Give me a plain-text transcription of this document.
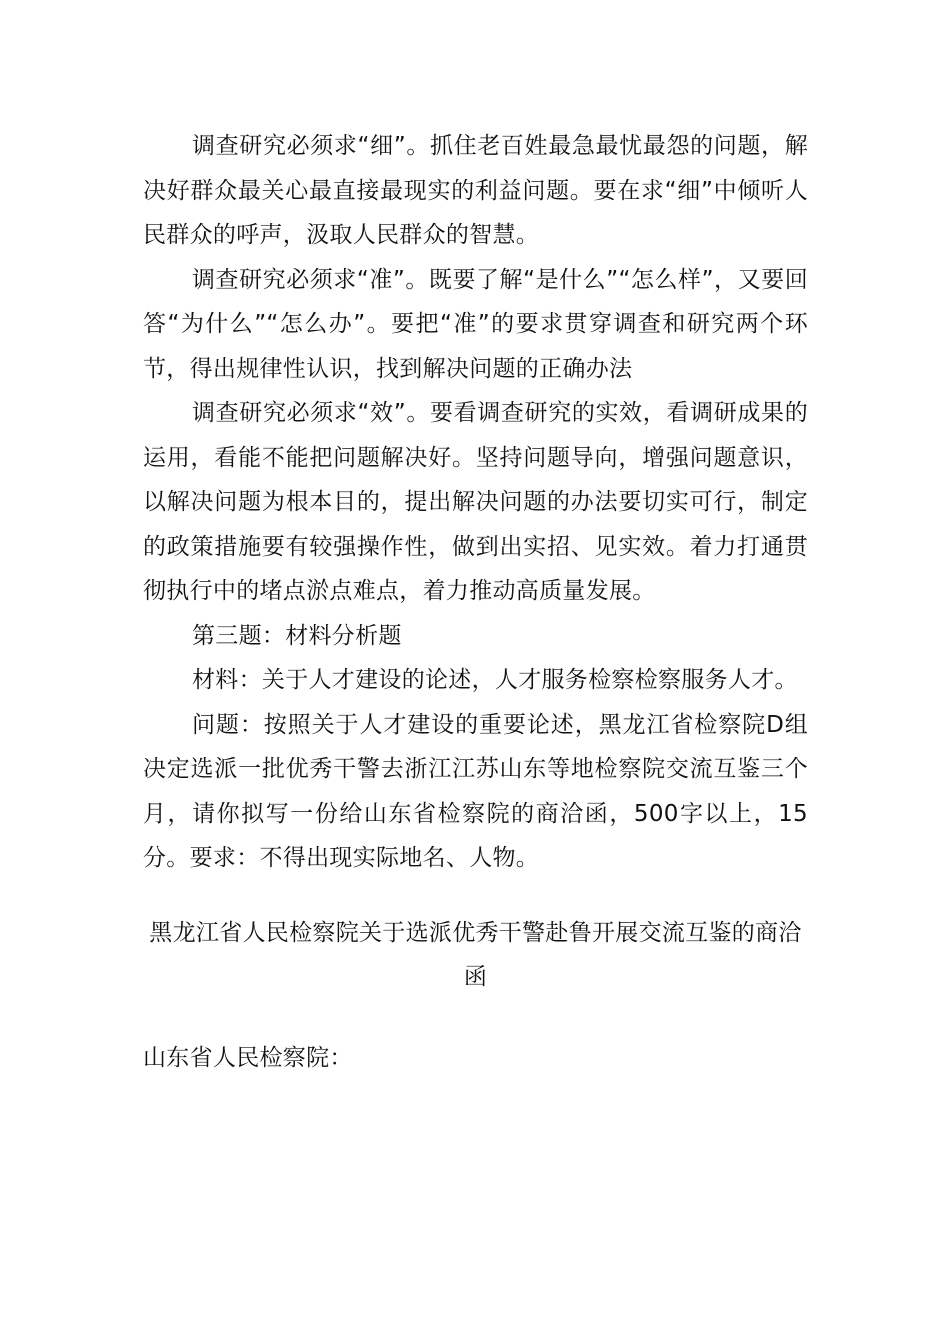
调查研究必须求“细”。抓住老百姓最急最忧最怨的问题，解决好群众最关心最直接最现实的利益问题。要在求“细”中倾听人民群众的呼声，汲取人民群众的智慧。

调查研究必须求“准”。既要了解“是什么”“怎么样”，又要回答“为什么”“怎么办”。要把“准”的要求贯穿调查和研究两个环节，得出规律性认识，找到解决问题的正确办法

调查研究必须求“效”。要看调查研究的实效，看调研成果的运用，看能不能把问题解决好。坚持问题导向，增强问题意识，以解决问题为根本目的，提出解决问题的办法要切实可行，制定的政策措施要有较强操作性，做到出实招、见实效。着力打通贯彻执行中的堵点淤点难点，着力推动高质量发展。

第三题：材料分析题

材料：关于人才建设的论述，人才服务检察检察服务人才。

问题：按照关于人才建设的重要论述，黑龙江省检察院D组决定选派一批优秀干警去浙江江苏山东等地检察院交流互鉴三个月，请你拟写一份给山东省检察院的商洽函，500字以上，15分。要求：不得出现实际地名、人物。

黑龙江省人民检察院关于选派优秀干警赴鲁开展交流互鉴的商洽函

山东省人民检察院：
